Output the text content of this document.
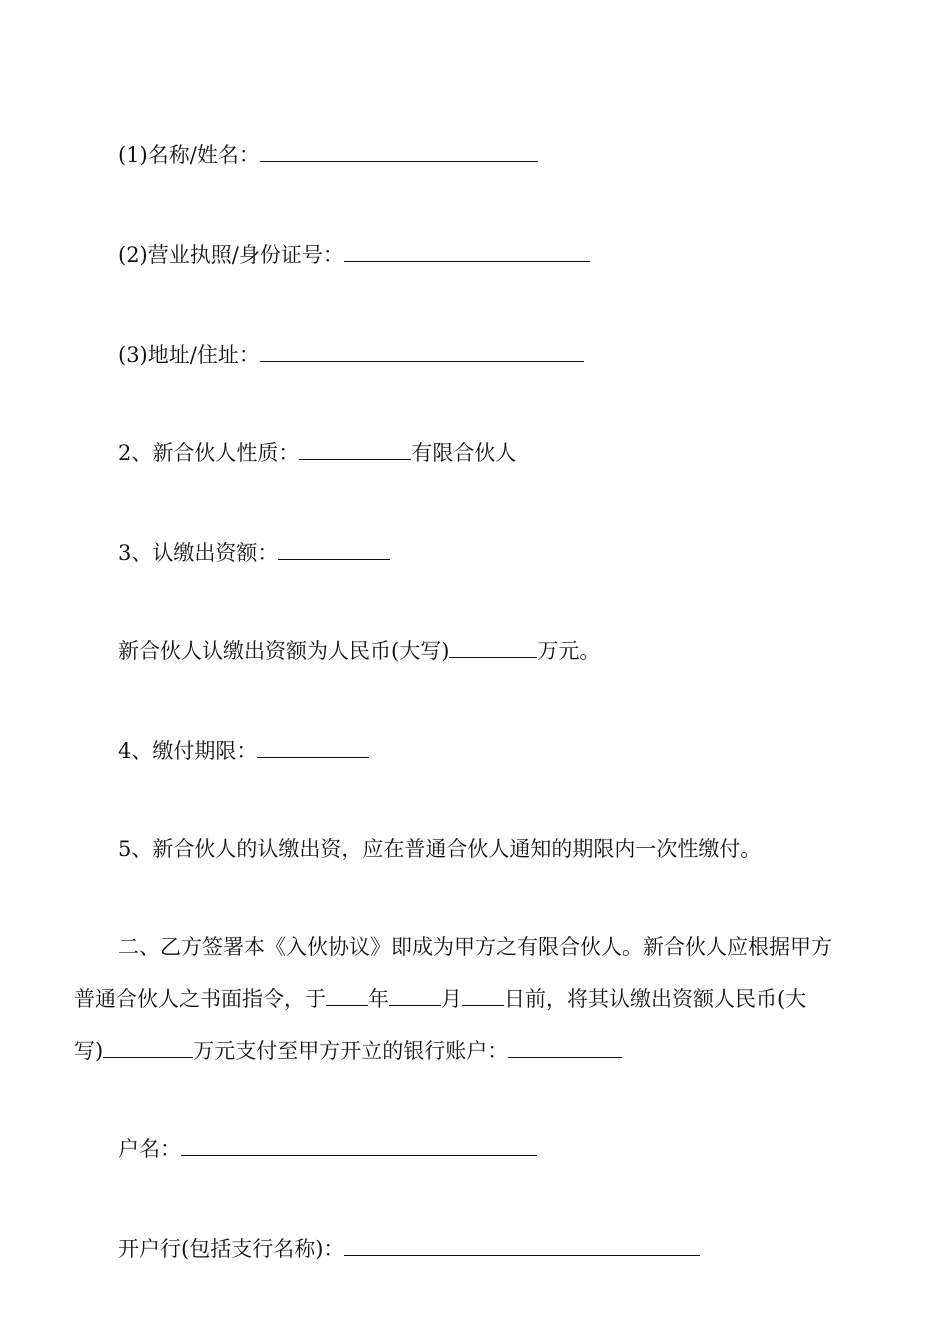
(1)名称/姓名：
(2)营业执照/身份证号：
(3)地址/住址：
2、新合伙人性质：	有限合伙人
3、认缴出资额：
新合伙人认缴出资额为人民币(大写)	万元。
4、缴付期限：
5、新合伙人的认缴出资，应在普通合伙人通知的期限内一次性缴付。
二、乙方签署本《入伙协议》即成为甲方之有限合伙人。新合伙人应根据甲方
普通合伙人之书面指令，于 年 月 日前，将其认缴出资额人民币(大
写)	万元支付至甲方开立的银行账户：
户名：
开户行(包括支行名称)：
